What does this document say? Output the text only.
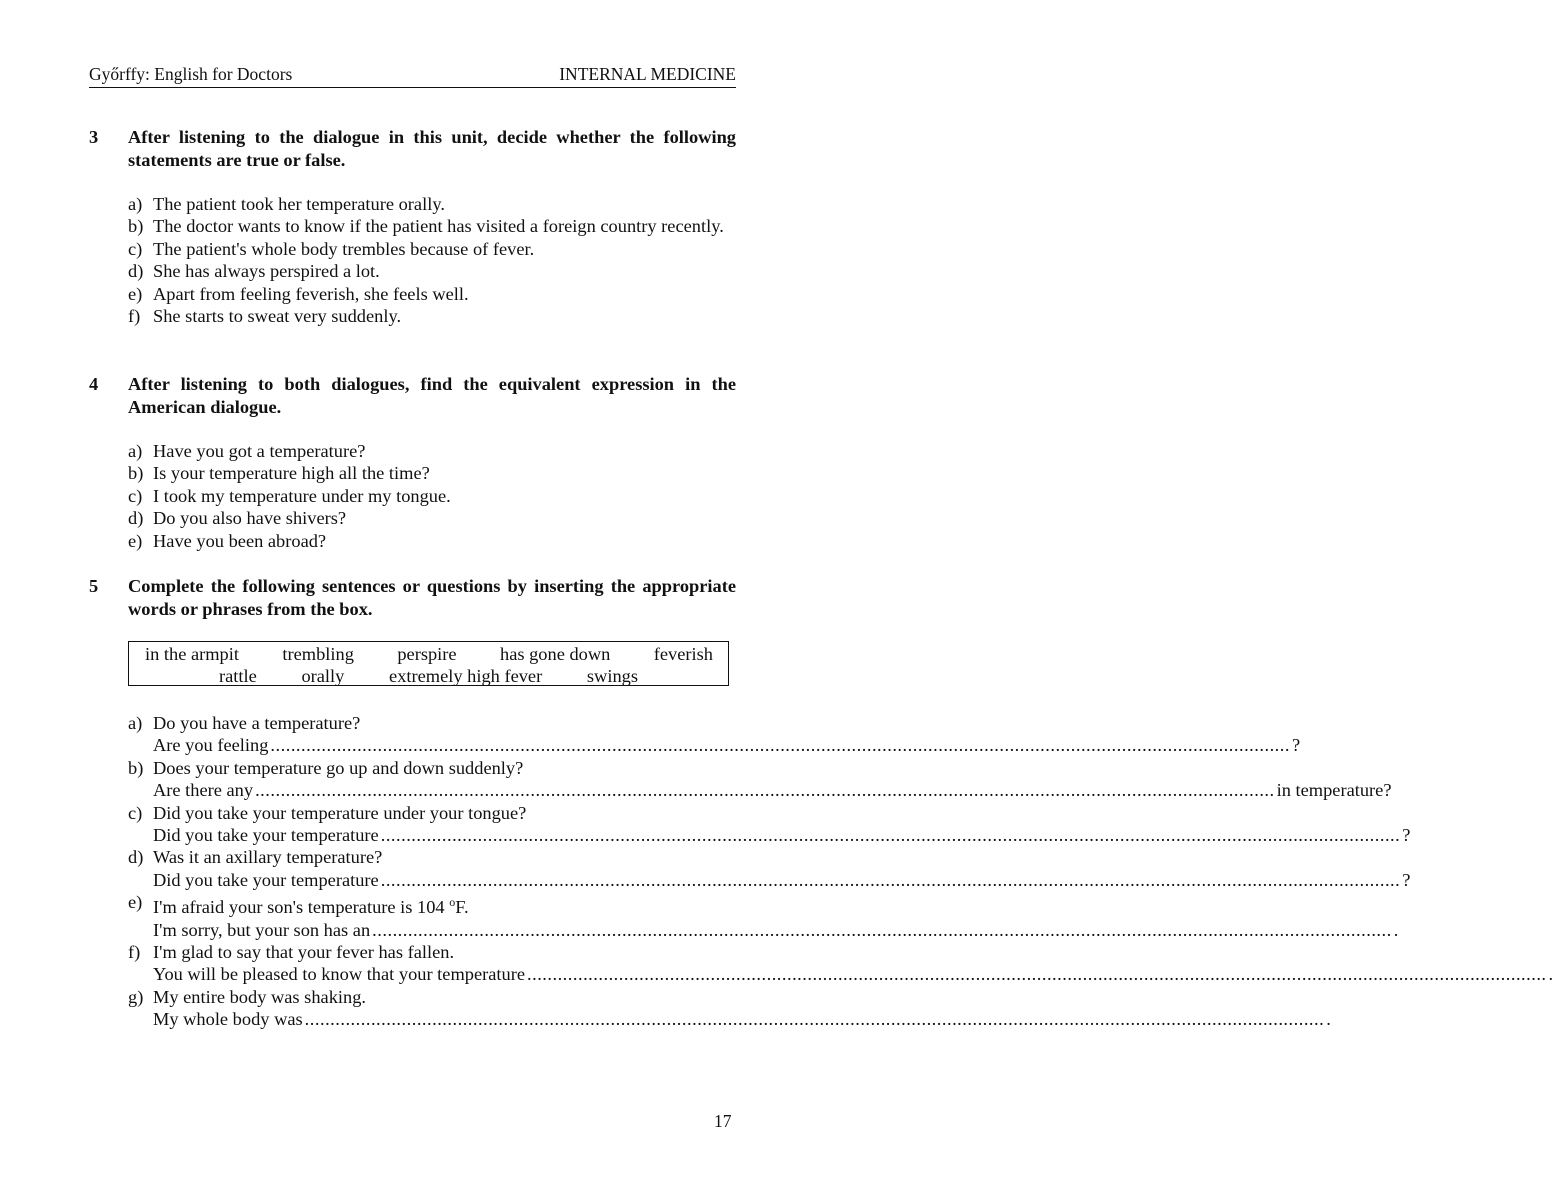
Győrffy: English for Doctors	INTERNAL MEDICINE
3	After listening to the dialogue in this unit, decide whether the following statements are true or false.
a) The patient took her temperature orally.
b) The doctor wants to know if the patient has visited a foreign country recently.
c) The patient's whole body trembles because of fever.
d) She has always perspired a lot.
e) Apart from feeling feverish, she feels well.
f) She starts to sweat very suddenly.
4	After listening to both dialogues, find the equivalent expression in the American dialogue.
a) Have you got a temperature?
b) Is your temperature high all the time?
c) I took my temperature under my tongue.
d) Do you also have shivers?
e) Have you been abroad?
5	Complete the following sentences or questions by inserting the appropriate words or phrases from the box.
in the armpit trembling perspire has gone down feverish
rattle orally extremely high fever swings
a) Do you have a temperature?
Are you feeling ........................................................................................................................................................................................................ ?
b) Does your temperature go up and down suddenly?
Are there any ........................................................................................................................................................................................................ in temperature?
c) Did you take your temperature under your tongue?
Did you take your temperature ........................................................................................................................................................................................................ ?
d) Was it an axillary temperature?
Did you take your temperature ........................................................................................................................................................................................................ ?
e) I'm afraid your son's temperature is 104 $^o$F.
I'm sorry, but your son has an ........................................................................................................................................................................................................ .
f) I'm glad to say that your fever has fallen.
You will be pleased to know that your temperature ........................................................................................................................................................................................................ .
g) My entire body was shaking.
My whole body was ........................................................................................................................................................................................................ .
17
